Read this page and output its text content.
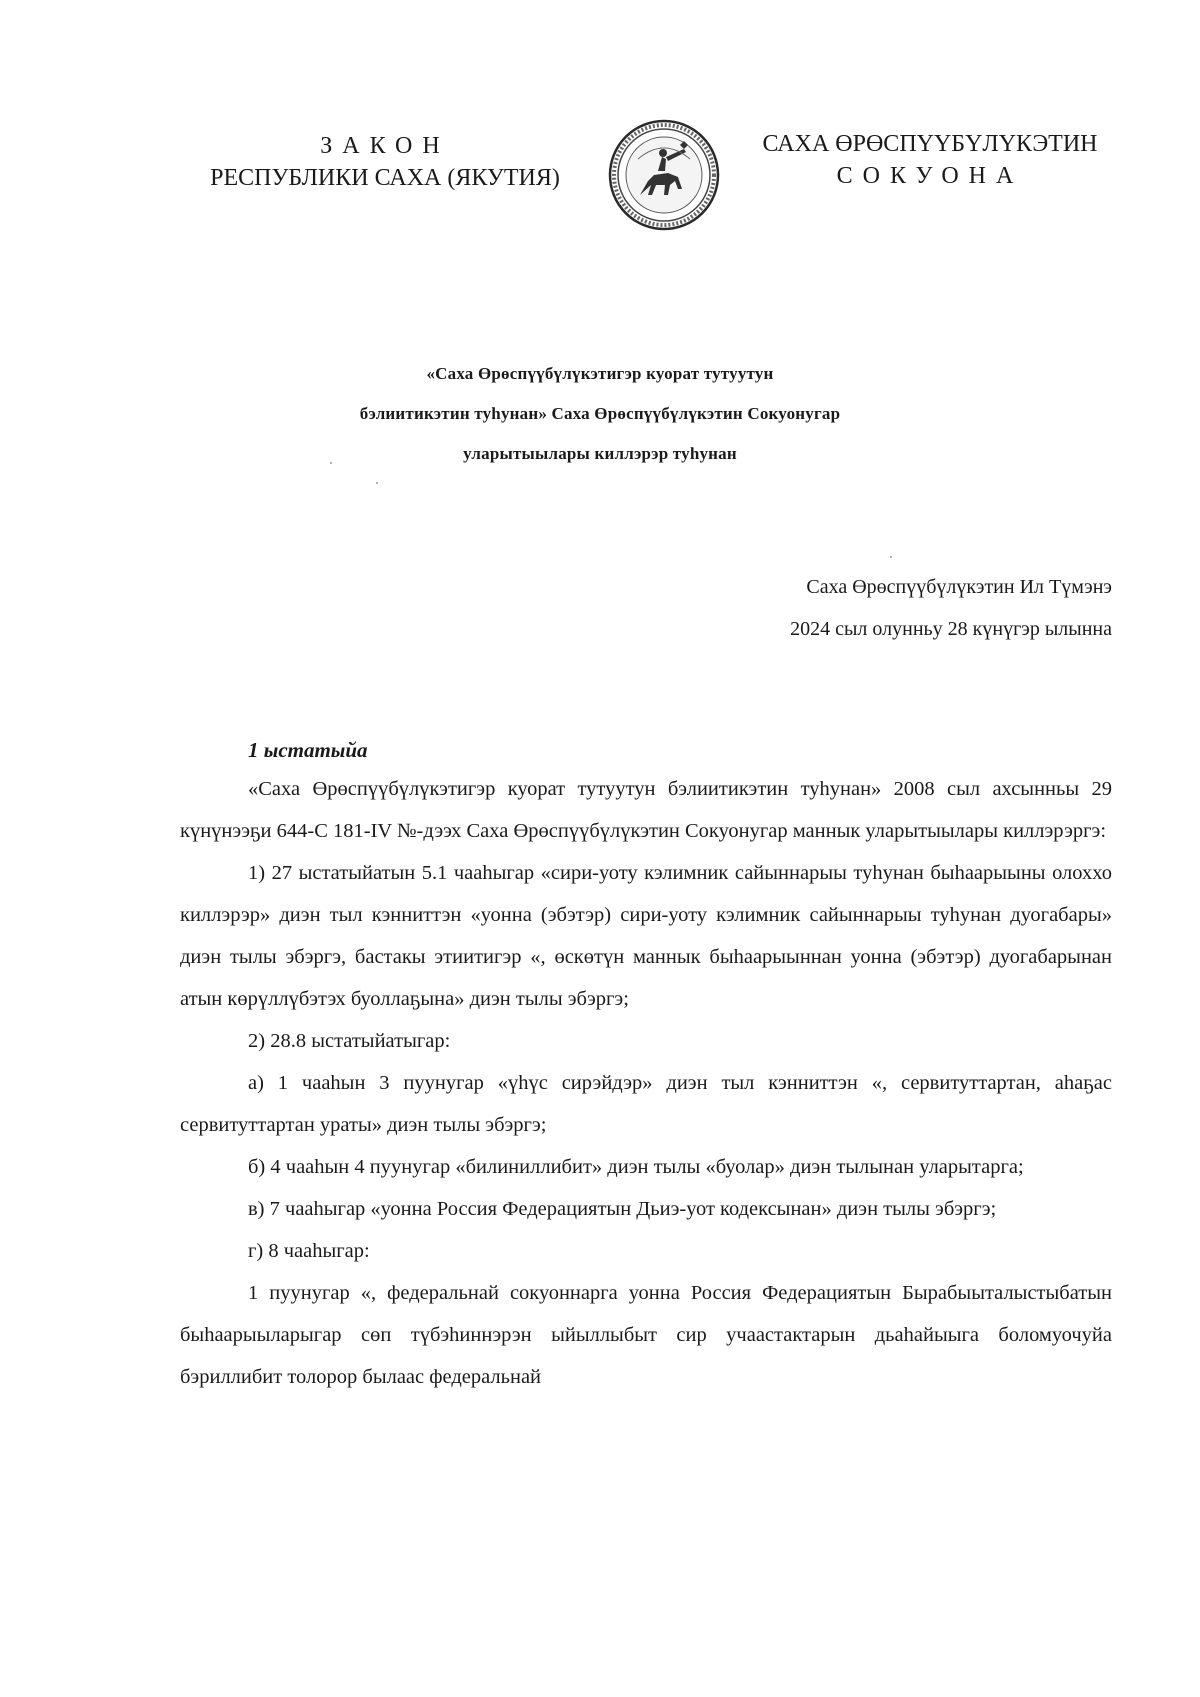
ЗАКОН
РЕСПУБЛИКИ САХА (ЯКУТИЯ)
САХА ӨРӨСПҮҮБҮЛҮКЭТИН
СОКУОНА
«Саха Өрөспүүбүлүкэтигэр куорат тутуутун
бэлиитикэтин туһунан» Саха Өрөспүүбүлүкэтин Сокуонугар
уларытыылары киллэрэр туһунан
Саха Өрөспүүбүлүкэтин Ил Түмэнэ
2024 сыл олунньу 28 күнүгэр ылынна
1 ыстатыйа

«Саха Өрөспүүбүлүкэтигэр куорат тутуутун бэлиитикэтин туһунан» 2008 сыл ахсынньы 29 күнүнээҕи 644-С 181-IV №-дээх Саха Өрөспүүбүлүкэтин Сокуонугар маннык уларытыылары киллэрэргэ:

1) 27 ыстатыйатын 5.1 чааһыгар «сири-уоту кэлимник сайыннарыы туһунан быһаарыыны олоххо киллэрэр» диэн тыл кэнниттэн «уонна (эбэтэр) сири-уоту кэлимник сайыннарыы туһунан дуогабары» диэн тылы эбэргэ, бастакы этиитигэр «, өскөтүн маннык быһаарыыннан уонна (эбэтэр) дуогабарынан атын көрүллүбэтэх буоллаҕына» диэн тылы эбэргэ;

2) 28.8 ыстатыйатыгар:

а) 1 чааһын 3 пуунугар «үһүс сирэйдэр» диэн тыл кэнниттэн «, сервитуттартан, аһаҕас сервитуттартан ураты» диэн тылы эбэргэ;

б) 4 чааһын 4 пуунугар «билиниллибит» диэн тылы «буолар» диэн тылынан уларытарга;

в) 7 чааһыгар «уонна Россия Федерациятын Дьиэ-уот кодексынан» диэн тылы эбэргэ;

г) 8 чааһыгар:

1 пуунугар «, федеральнай сокуоннарга уонна Россия Федерациятын Бырабыыталыстыбатын быһаарыыларыгар сөп түбэһиннэрэн ыйыллыбыт сир учаастактарын дьаһайыыга боломуочуйа бэриллибит толорор былаас федеральнай
